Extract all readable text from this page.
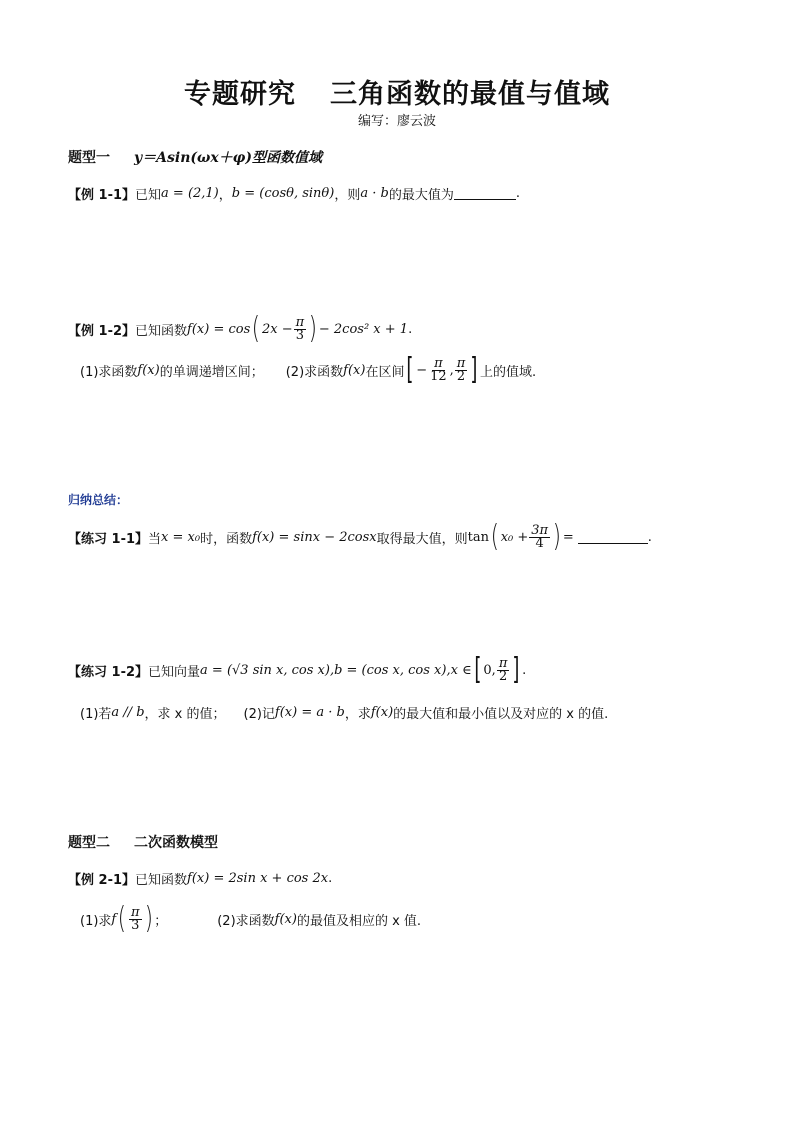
专题研究 三角函数的最值与值域
编写：廖云波
题型一 y＝Asin(ωx＋φ)型函数值域
【例 1-1】 已知 a = (2,1) ， b = (cosθ, sinθ) ，则 a · b 的最大值为	.
【例 1-2】 已知函数 f(x) = cos ( $2x - \frac{\pi}{3}$ ) − 2cos² x + 1 .
(1)求函数 f(x) 的单调递增区间； (2)求函数 f(x) 在区间 [ − $\frac{\pi}{12}$ , $\frac{\pi}{2}$ ] 上的值域.
归纳总结：
【练习 1-1】 当 x = x₀ 时，函数 f(x) = sinx − 2cosx 取得最大值，则 tan ( $x_0 + \frac{3\pi}{4}$ ) =	.
【练习 1-2】 已知向量 a = (√3 sin x, cos x), b = (cos x, cos x), x ∈ [ 0, $\frac{\pi}{2}$ ] .
(1)若 a // b ，求 x 的值； (2)记 f(x) = a · b ，求 f(x) 的最大值和最小值以及对应的 x 的值.
题型二 二次函数模型
【例 2-1】 已知函数 f(x) = 2sin x + cos 2x .
(1)求 f ( $\frac{\pi}{3}$ ) ；	(2)求函数 f(x) 的最值及相应的 x 值.
